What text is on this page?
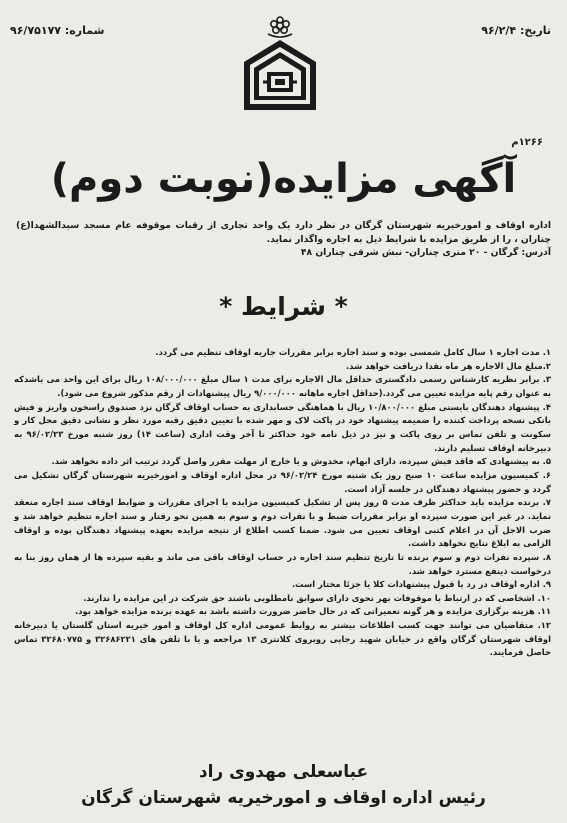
تاریخ: ۹۶/۲/۴
شماره: ۹۶/۷۵۱۷۷
۱۲۶۶م
آگهی مزایده(نوبت دوم)

اداره اوقاف و امورخیریه شهرستان گرگان در نظر دارد یک واحد تجاری از رقبات موقوفه عام مسجد سیدالشهدا(ع) چناران ، را از طریق مزایده با شرایط ذیل به اجاره واگذار نماید.

آدرس: گرگان - ۲۰ متری چناران- نبش شرقی چناران ۴۸

* شرایط *

۱. مدت اجاره ۱ سال کامل شمسی بوده و سند اجاره برابر مقررات جاریه اوقاف تنظیم می گردد.

۲.مبلغ مال الاجاره هر ماه نقدا دریافت خواهد شد.

۳. برابر نظریه کارشناس رسمی دادگستری حداقل مال الاجاره برای مدت ۱ سال مبلغ ۱۰۸/۰۰۰/۰۰۰ ریال برای این واحد می باشدکه به عنوان رقم پایه مزایده تعیین می گردد.(حداقل اجاره ماهانه ۹/۰۰۰/۰۰۰ ریال پیشنهادات از رقم مذکور شروع می شود).

۴. پیشنهاد دهندگان بایستی مبلغ ۱۰/۸۰۰/۰۰۰ ریال با هماهنگی حسابداری به حساب اوقاف گرگان نزد صندوق راسخون واریز و فیش بانکی نسخه پرداخت کننده را ضمیمه پیشنهاد خود در پاکت لاک و مهر شده با تعیین دقیق رقبه مورد نظر و نشانی دقیق محل کار و سکونت و تلفن تماس بر روی پاکت و نیز در ذیل نامه خود حداکثر تا آخر وقت اداری (ساعت ۱۴) روز شنبه مورخ ۹۶/۰۲/۲۳ به دبیرخانه اوقاف تسلیم دارند.

۵. به پیشنهادی که فاقد فیش سپرده، دارای ابهام، مخدوش و یا خارج از مهلت مقرر واصل گردد ترتیب اثر داده نخواهد شد.

۶. کمیسیون مزایده ساعت ۱۰ صبح روز یک شنبه مورخ ۹۶/۰۲/۲۴ در محل اداره اوقاف و امورخیریه شهرستان گرگان تشکیل می گردد و حضور پیشنهاد دهندگان در جلسه آزاد است.

۷. برنده مزایده باید حداکثر ظرف مدت ۵ روز پس از تشکیل کمیسیون مزایده با اجرای مقررات و ضوابط اوقاف سند اجاره منعقد نماید. در غیر این صورت سپرده او برابر مقررات ضبط و با نفرات دوم و سوم به همین نحو رفتار و سند اجاره تنظیم خواهد شد و ضرب الاجل آن در اعلام کتبی اوقاف تعیین می شود. ضمنا کسب اطلاع از نتیجه مزایده بعهده پیشنهاد دهندگان بوده و اوقاف الزامی به ابلاغ نتایج نخواهد داشت.

۸. سپرده نفرات دوم و سوم برنده تا تاریخ تنظیم سند اجاره در حساب اوقاف باقی می ماند و بقیه سپرده ها از همان روز بنا به درخواست ذینفع مسترد خواهد شد.

۹. اداره اوقاف در رد یا قبول پیشنهادات کلا یا جزئا مختار است.

۱۰. اشخاصی که در ارتباط با موقوفات بهر نحوی دارای سوابق نامطلوبی باشند حق شرکت در این مزایده را ندارند.

۱۱. هزینه برگزاری مزایده و هر گونه تعمیراتی که در حال حاضر ضرورت داشته باشد به عهده برنده مزایده خواهد بود.

۱۲. متقاضیان می توانند جهت کسب اطلاعات بیشتر به روابط عمومی اداره کل اوقاف و امور خیریه استان گلستان یا دبیرخانه اوقاف شهرستان گرگان واقع در خیابان شهید رجایی روبروی کلانتری ۱۳ مراجعه و یا با تلفن های ۳۲۶۸۶۲۲۱ و ۳۲۶۸۰۷۷۵ تماس حاصل فرمایند.

عباسعلی مهدوی راد
رئیس اداره اوقاف و امورخیریه شهرستان گرگان
